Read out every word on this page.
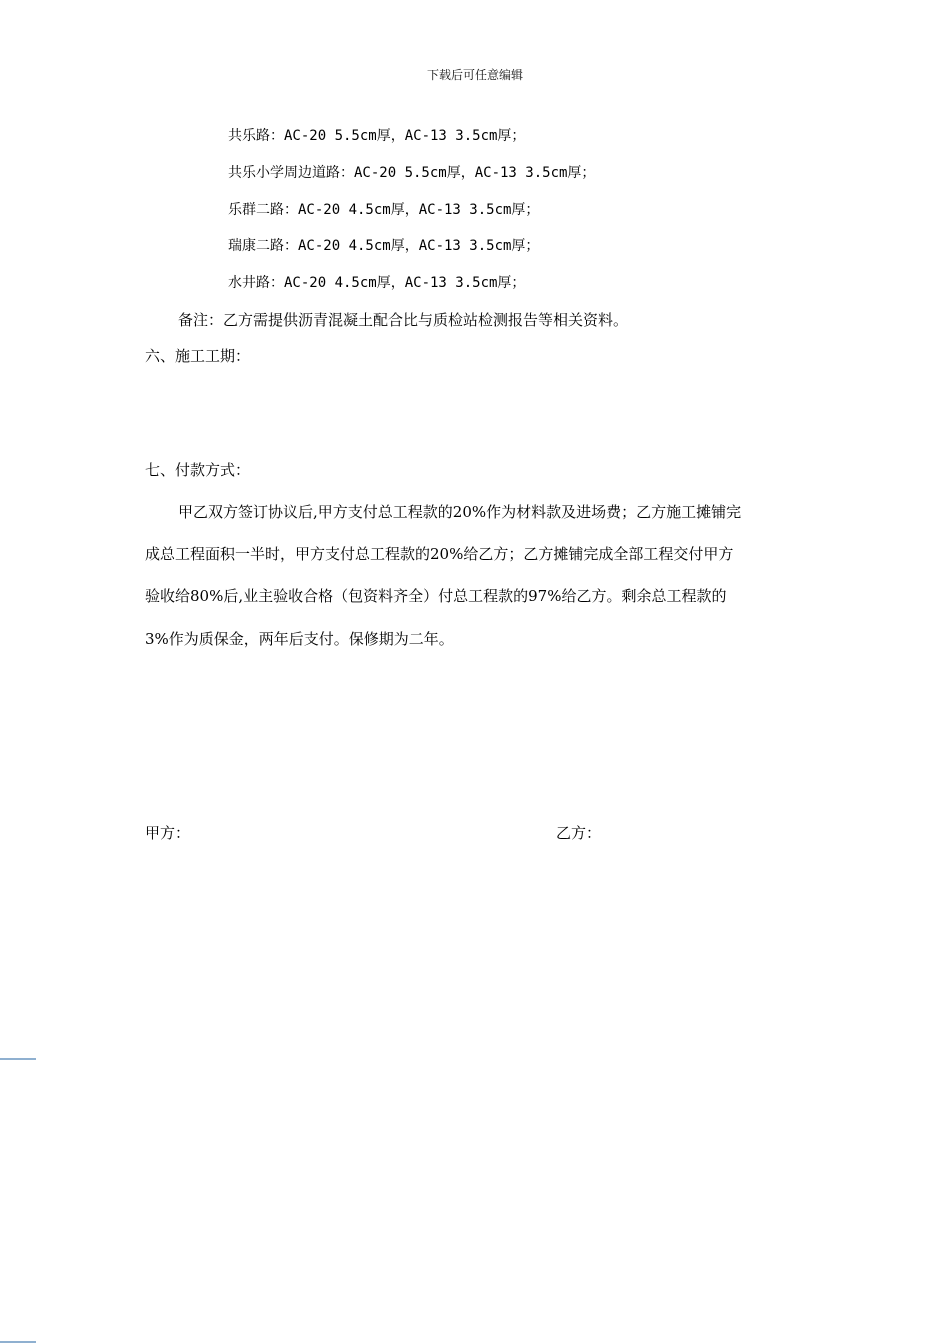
下载后可任意编辑
共乐路：AC-20 5.5cm厚，AC-13 3.5cm厚；
共乐小学周边道路：AC-20 5.5cm厚，AC-13 3.5cm厚；
乐群二路：AC-20 4.5cm厚，AC-13 3.5cm厚；
瑞康二路：AC-20 4.5cm厚，AC-13 3.5cm厚；
水井路：AC-20 4.5cm厚，AC-13 3.5cm厚；
备注：乙方需提供沥青混凝土配合比与质检站检测报告等相关资料。
六、施工工期：
七、付款方式：
甲乙双方签订协议后,甲方支付总工程款的20%作为材料款及进场费；乙方施工摊铺完
成总工程面积一半时，甲方支付总工程款的20%给乙方；乙方摊铺完成全部工程交付甲方
验收给80%后,业主验收合格（包资料齐全）付总工程款的97%给乙方。剩余总工程款的
3%作为质保金，两年后支付。保修期为二年。
甲方：	乙方：
